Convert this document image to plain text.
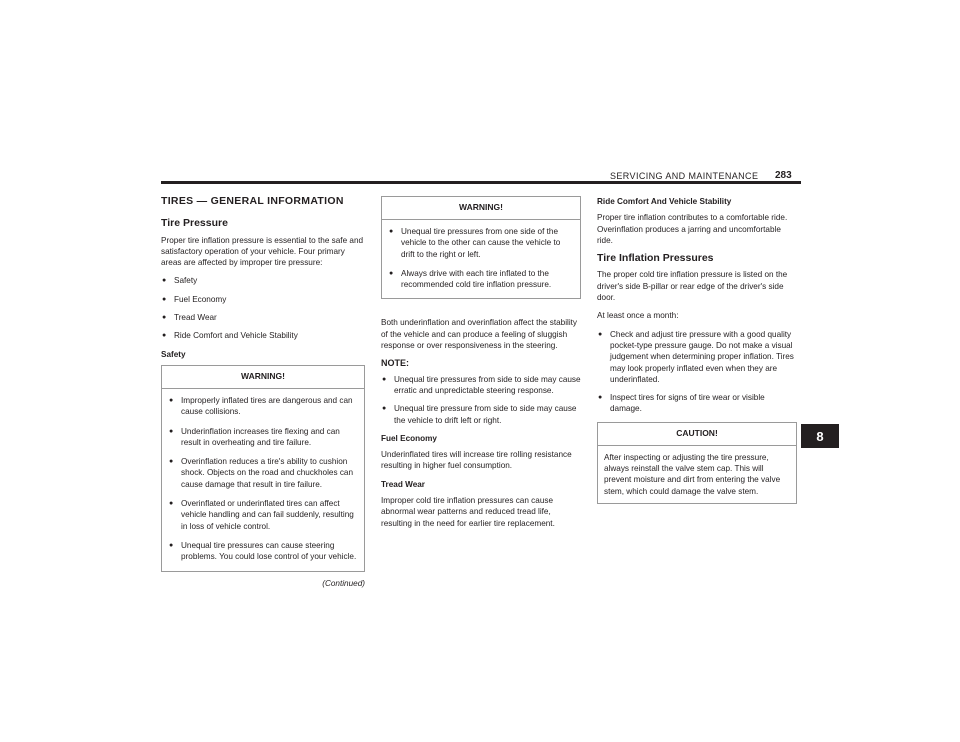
SERVICING AND MAINTENANCE 283
8
TIRES — GENERAL INFORMATION
Tire Pressure

Proper tire inflation pressure is essential to the safe and satisfactory operation of your vehicle. Four primary areas are affected by improper tire pressure:

● Safety
● Fuel Economy
● Tread Wear
● Ride Comfort and Vehicle Stability
Safety
WARNING!
● Improperly inflated tires are dangerous and can cause collisions.
● Underinflation increases tire flexing and can result in overheating and tire failure.
● Overinflation reduces a tire's ability to cushion shock. Objects on the road and chuckholes can cause damage that result in tire failure.
● Overinflated or underinflated tires can affect vehicle handling and can fail suddenly, resulting in loss of vehicle control.
● Unequal tire pressures can cause steering problems. You could lose control of your vehicle.
(Continued)
WARNING!
● Unequal tire pressures from one side of the vehicle to the other can cause the vehicle to drift to the right or left.
● Always drive with each tire inflated to the recommended cold tire inflation pressure.

Both underinflation and overinflation affect the stability of the vehicle and can produce a feeling of sluggish response or over responsiveness in the steering.

NOTE:
● Unequal tire pressures from side to side may cause erratic and unpredictable steering response.
● Unequal tire pressure from side to side may cause the vehicle to drift left or right.
Fuel Economy

Underinflated tires will increase tire rolling resistance resulting in higher fuel consumption.

Tread Wear

Improper cold tire inflation pressures can cause abnormal wear patterns and reduced tread life, resulting in the need for earlier tire replacement.

Ride Comfort And Vehicle Stability

Proper tire inflation contributes to a comfortable ride. Overinflation produces a jarring and uncomfortable ride.

Tire Inflation Pressures

The proper cold tire inflation pressure is listed on the driver's side B-pillar or rear edge of the driver's side door.

At least once a month:

● Check and adjust tire pressure with a good quality pocket-type pressure gauge. Do not make a visual judgement when determining proper inflation. Tires may look properly inflated even when they are underinflated.
● Inspect tires for signs of tire wear or visible damage.
CAUTION!

After inspecting or adjusting the tire pressure, always reinstall the valve stem cap. This will prevent moisture and dirt from entering the valve stem, which could damage the valve stem.
